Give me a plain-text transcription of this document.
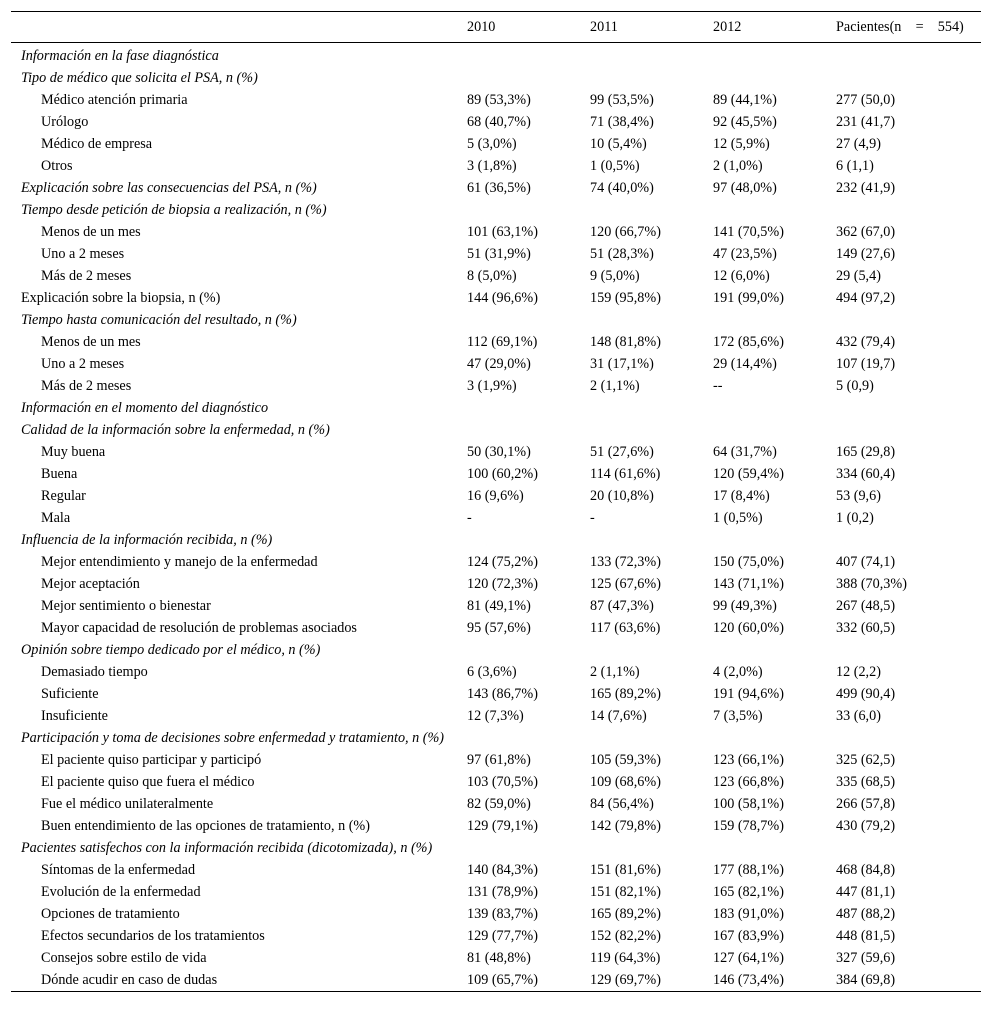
	2010	2011	2012	Pacientes(n = 554)
Información en la fase diagnóstica				
Tipo de médico que solicita el PSA, n (%)				
Médico atención primaria	89 (53,3%)	99 (53,5%)	89 (44,1%)	277 (50,0)
Urólogo	68 (40,7%)	71 (38,4%)	92 (45,5%)	231 (41,7)
Médico de empresa	5 (3,0%)	10 (5,4%)	12 (5,9%)	27 (4,9)
Otros	3 (1,8%)	1 (0,5%)	2 (1,0%)	6 (1,1)
Explicación sobre las consecuencias del PSA, n (%)	61 (36,5%)	74 (40,0%)	97 (48,0%)	232 (41,9)
Tiempo desde petición de biopsia a realización, n (%)				
Menos de un mes	101 (63,1%)	120 (66,7%)	141 (70,5%)	362 (67,0)
Uno a 2 meses	51 (31,9%)	51 (28,3%)	47 (23,5%)	149 (27,6)
Más de 2 meses	8 (5,0%)	9 (5,0%)	12 (6,0%)	29 (5,4)
Explicación sobre la biopsia, n (%)	144 (96,6%)	159 (95,8%)	191 (99,0%)	494 (97,2)
Tiempo hasta comunicación del resultado, n (%)				
Menos de un mes	112 (69,1%)	148 (81,8%)	172 (85,6%)	432 (79,4)
Uno a 2 meses	47 (29,0%)	31 (17,1%)	29 (14,4%)	107 (19,7)
Más de 2 meses	3 (1,9%)	2 (1,1%)	--	5 (0,9)
Información en el momento del diagnóstico				
Calidad de la información sobre la enfermedad, n (%)				
Muy buena	50 (30,1%)	51 (27,6%)	64 (31,7%)	165 (29,8)
Buena	100 (60,2%)	114 (61,6%)	120 (59,4%)	334 (60,4)
Regular	16 (9,6%)	20 (10,8%)	17 (8,4%)	53 (9,6)
Mala	-	-	1 (0,5%)	1 (0,2)
Influencia de la información recibida, n (%)				
Mejor entendimiento y manejo de la enfermedad	124 (75,2%)	133 (72,3%)	150 (75,0%)	407 (74,1)
Mejor aceptación	120 (72,3%)	125 (67,6%)	143 (71,1%)	388 (70,3%)
Mejor sentimiento o bienestar	81 (49,1%)	87 (47,3%)	99 (49,3%)	267 (48,5)
Mayor capacidad de resolución de problemas asociados	95 (57,6%)	117 (63,6%)	120 (60,0%)	332 (60,5)
Opinión sobre tiempo dedicado por el médico, n (%)				
Demasiado tiempo	6 (3,6%)	2 (1,1%)	4 (2,0%)	12 (2,2)
Suficiente	143 (86,7%)	165 (89,2%)	191 (94,6%)	499 (90,4)
Insuficiente	12 (7,3%)	14 (7,6%)	7 (3,5%)	33 (6,0)
Participación y toma de decisiones sobre enfermedad y tratamiento, n (%)				
El paciente quiso participar y participó	97 (61,8%)	105 (59,3%)	123 (66,1%)	325 (62,5)
El paciente quiso que fuera el médico	103 (70,5%)	109 (68,6%)	123 (66,8%)	335 (68,5)
Fue el médico unilateralmente	82 (59,0%)	84 (56,4%)	100 (58,1%)	266 (57,8)
Buen entendimiento de las opciones de tratamiento, n (%)	129 (79,1%)	142 (79,8%)	159 (78,7%)	430 (79,2)
Pacientes satisfechos con la información recibida (dicotomizada), n (%)				
Síntomas de la enfermedad	140 (84,3%)	151 (81,6%)	177 (88,1%)	468 (84,8)
Evolución de la enfermedad	131 (78,9%)	151 (82,1%)	165 (82,1%)	447 (81,1)
Opciones de tratamiento	139 (83,7%)	165 (89,2%)	183 (91,0%)	487 (88,2)
Efectos secundarios de los tratamientos	129 (77,7%)	152 (82,2%)	167 (83,9%)	448 (81,5)
Consejos sobre estilo de vida	81 (48,8%)	119 (64,3%)	127 (64,1%)	327 (59,6)
Dónde acudir en caso de dudas	109 (65,7%)	129 (69,7%)	146 (73,4%)	384 (69,8)
